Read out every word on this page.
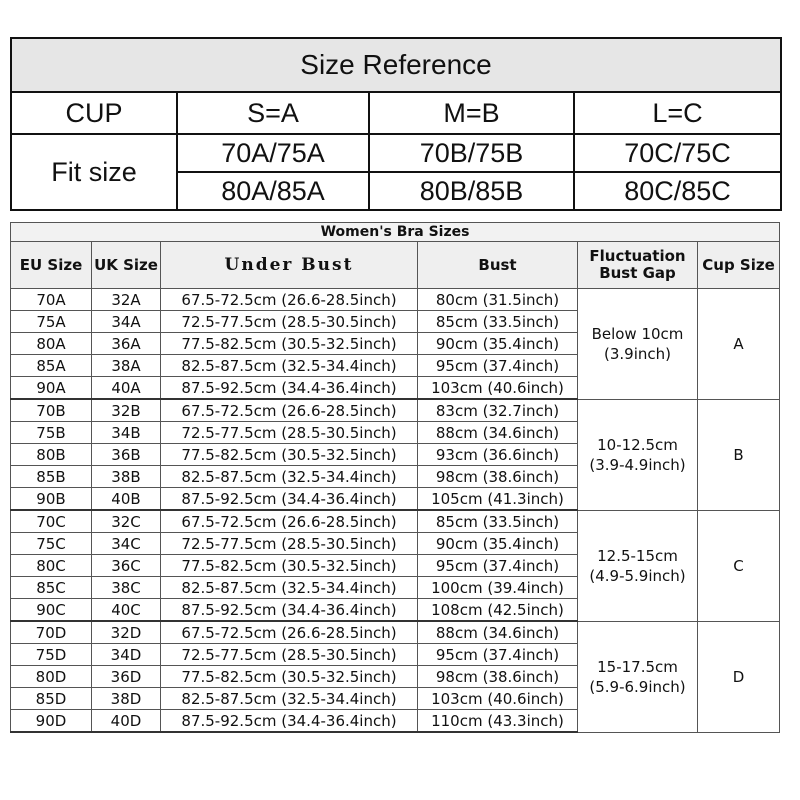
Size Reference			
CUP	S=A	M=B	L=C
Fit size	70A/75A	70B/75B	70C/75C
	80A/85A	80B/85B	80C/85C
Women's Bra Sizes					
EU Size	UK Size	Under Bust	Bust	Fluctuation Bust Gap	Cup Size
70A	32A	67.5-72.5cm (26.6-28.5inch)	80cm (31.5inch)	Below 10cm (3.9inch)	A
75A	34A	72.5-77.5cm (28.5-30.5inch)	85cm (33.5inch)		
80A	36A	77.5-82.5cm (30.5-32.5inch)	90cm (35.4inch)		
85A	38A	82.5-87.5cm (32.5-34.4inch)	95cm (37.4inch)		
90A	40A	87.5-92.5cm (34.4-36.4inch)	103cm (40.6inch)		
70B	32B	67.5-72.5cm (26.6-28.5inch)	83cm (32.7inch)	10-12.5cm (3.9-4.9inch)	B
75B	34B	72.5-77.5cm (28.5-30.5inch)	88cm (34.6inch)		
80B	36B	77.5-82.5cm (30.5-32.5inch)	93cm (36.6inch)		
85B	38B	82.5-87.5cm (32.5-34.4inch)	98cm (38.6inch)		
90B	40B	87.5-92.5cm (34.4-36.4inch)	105cm (41.3inch)		
70C	32C	67.5-72.5cm (26.6-28.5inch)	85cm (33.5inch)	12.5-15cm (4.9-5.9inch)	C
75C	34C	72.5-77.5cm (28.5-30.5inch)	90cm (35.4inch)		
80C	36C	77.5-82.5cm (30.5-32.5inch)	95cm (37.4inch)		
85C	38C	82.5-87.5cm (32.5-34.4inch)	100cm (39.4inch)		
90C	40C	87.5-92.5cm (34.4-36.4inch)	108cm (42.5inch)		
70D	32D	67.5-72.5cm (26.6-28.5inch)	88cm (34.6inch)	15-17.5cm (5.9-6.9inch)	D
75D	34D	72.5-77.5cm (28.5-30.5inch)	95cm (37.4inch)		
80D	36D	77.5-82.5cm (30.5-32.5inch)	98cm (38.6inch)		
85D	38D	82.5-87.5cm (32.5-34.4inch)	103cm (40.6inch)		
90D	40D	87.5-92.5cm (34.4-36.4inch)	110cm (43.3inch)		
